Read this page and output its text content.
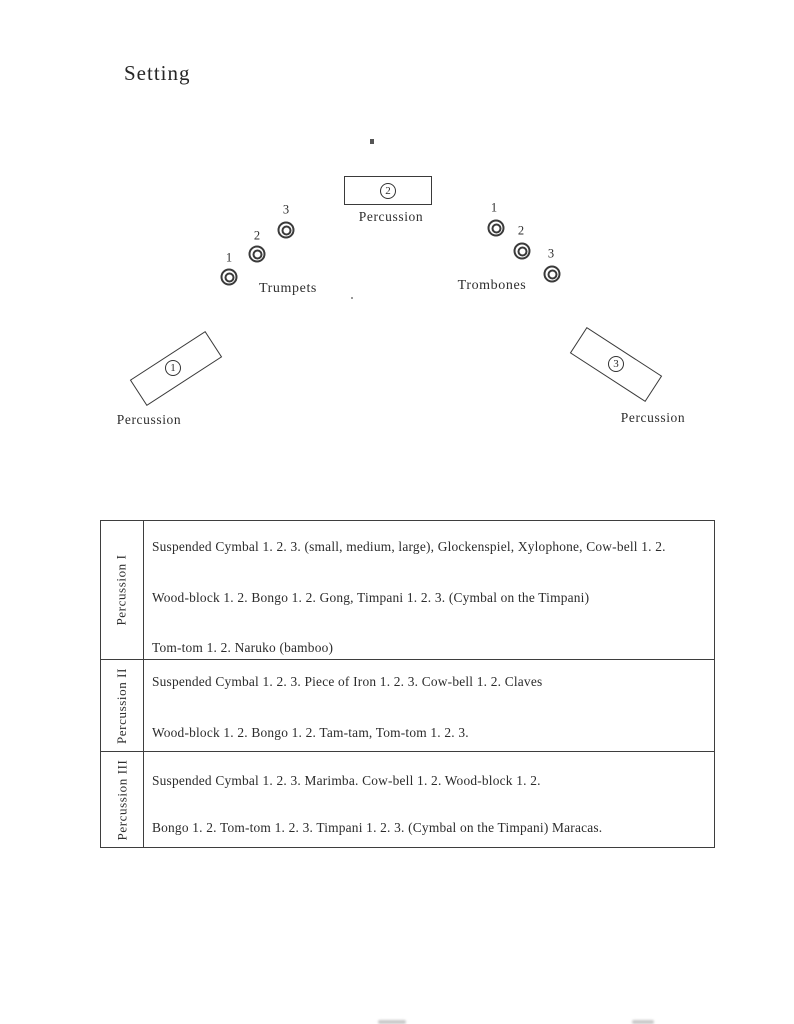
Setting
2
Percussion
1
2
3
Trumpets
1
2
3
Trombones
1
Percussion
3
Percussion
Percussion I
Suspended Cymbal 1. 2. 3. (small, medium, large), Glockenspiel, Xylophone, Cow-bell 1. 2.
Wood-block 1. 2. Bongo 1. 2. Gong, Timpani 1. 2. 3. (Cymbal on the Timpani)
Tom-tom 1. 2. Naruko (bamboo)
Percussion II Suspended Cymbal 1. 2. 3. Piece of Iron 1. 2. 3. Cow-bell 1. 2. Claves
Wood-block 1. 2. Bongo 1. 2. Tam-tam, Tom-tom 1. 2. 3.
Percussion III Suspended Cymbal 1. 2. 3. Marimba. Cow-bell 1. 2. Wood-block 1. 2.
Bongo 1. 2. Tom-tom 1. 2. 3. Timpani 1. 2. 3. (Cymbal on the Timpani) Maracas.
